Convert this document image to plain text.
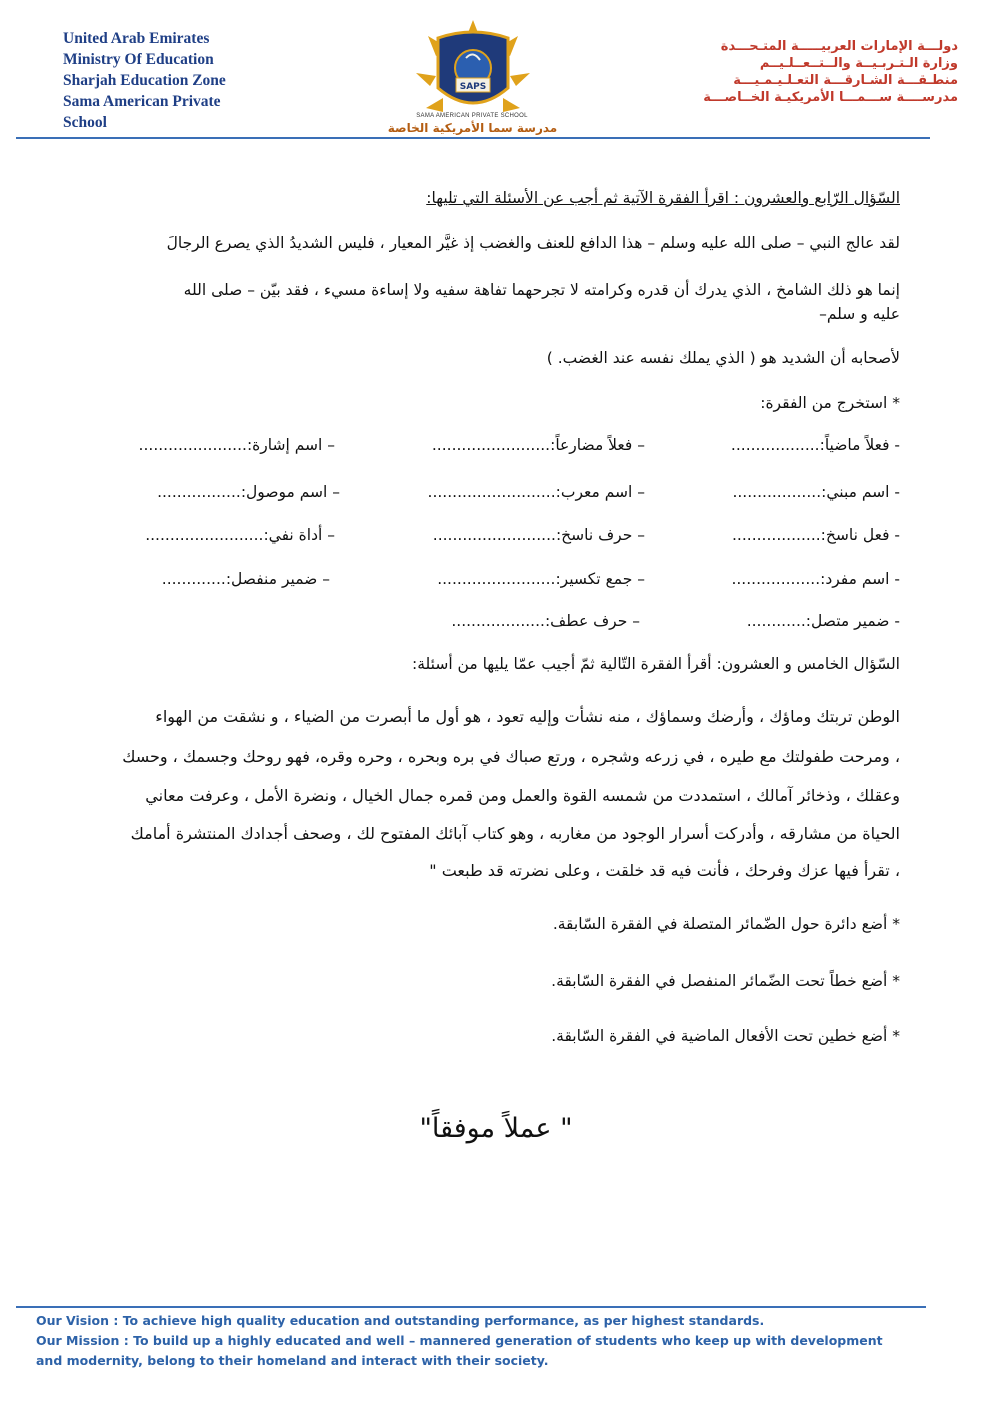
United Arab Emirates
Ministry Of Education
Sharjah Education Zone
Sama American Private
School
SAPS
SAMA AMERICAN PRIVATE SCHOOL
مدرسة سما الأمريكية الخاصة
دولـــة الإمارات العربيـــــة المتـحـــدة
وزارة الـتـربـيــة والــتــعــلـيــم
منطـقـــة الشـارقـــة التعـلـيـمـيـــة
مدرســــة ســـمـــا الأمريكيـة الخــاصـــة
السّؤال الرّابع والعشرون : اقرأ الفقرة الآتية ثم أجب عن الأسئلة التي تليها:
لقد عالج النبي – صلى الله عليه وسلم – هذا الدافع للعنف والغضب إذ غيَّر المعيار ، فليس الشديدُ الذي يصرع الرجالَ
إنما هو ذلك الشامخ ، الذي يدرك أن قدره وكرامته لا تجرحهما تفاهة سفيه ولا إساءة مسيء ، فقد بيّن – صلى الله
عليه و سلم–
لأصحابه أن الشديد هو ( الذي يملك نفسه عند الغضب. )
* استخرج من الفقرة:
- فعلاً ماضياً:..................
– فعلاً مضارعاً:........................
– اسم إشارة:......................
- اسم مبني:..................
– اسم معرب:..........................
– اسم موصول:.................
- فعل ناسخ:..................
– حرف ناسخ:.........................
– أداة نفي:........................
- اسم مفرد:..................
– جمع تكسير:........................
– ضمير منفصل:.............
- ضمير متصل:............
– حرف عطف:...................
السّؤال الخامس و العشرون: أقرأ الفقرة التّالية ثمّ أجيب عمّا يليها من أسئلة:
الوطن تربتك وماؤك ، وأرضك وسماؤك ، منه نشأت وإليه تعود ، هو أول ما أبصرت من الضياء ، و نشقت من الهواء
، ومرحت طفولتك مع طيره ، في زرعه وشجره ، ورتع صباك في بره وبحره ، وحره وقره، فهو روحك وجسمك ، وحسك
وعقلك ، وذخائر آمالك ، استمددت من شمسه القوة والعمل ومن قمره جمال الخيال ، ونضرة الأمل ، وعرفت معاني
الحياة من مشارقه ، وأدركت أسرار الوجود من مغاربه ، وهو كتاب آبائك المفتوح لك ، وصحف أجدادك المنتشرة أمامك
، تقرأ فيها عزك وفرحك ، فأنت فيه قد خلقت ، وعلى نضرته قد طبعت "
* أضع دائرة حول الضّمائر المتصلة في الفقرة السّابقة.
* أضع خطاً تحت الضّمائر المنفصل في الفقرة السّابقة.
* أضع خطين تحت الأفعال الماضية في الفقرة السّابقة.
" عملاً موفقاً"
Our Vision : To achieve high quality education and outstanding performance, as per highest standards.
Our Mission : To build up a highly educated and well – mannered generation of students who keep up with development
and modernity, belong to their homeland and interact with their society.
